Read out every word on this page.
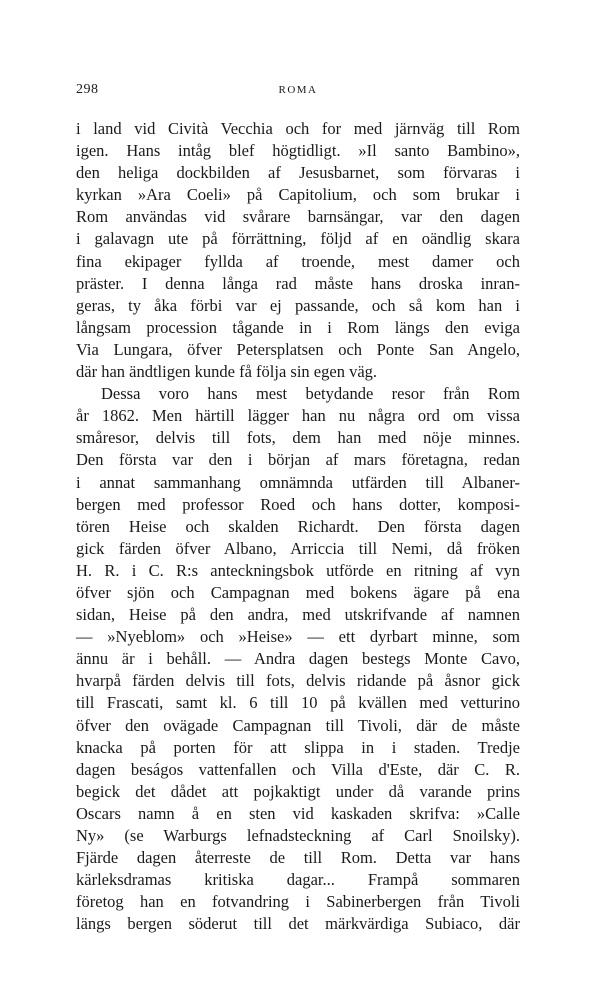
298	ROMA
i land vid Cività Vecchia och for med järnväg till Rom
igen. Hans intåg blef högtidligt. »Il santo Bambino»,
den heliga dockbilden af Jesusbarnet, som förvaras i
kyrkan »Ara Coeli» på Capitolium, och som brukar i
Rom användas vid svårare barnsängar, var den dagen
i galavagn ute på förrättning, följd af en oändlig skara
fina ekipager fyllda af troende, mest damer och
präster. I denna långa rad måste hans droska inran-
geras, ty åka förbi var ej passande, och så kom han i
långsam procession tågande in i Rom längs den eviga
Via Lungara, öfver Petersplatsen och Ponte San Angelo,
där han ändtligen kunde få följa sin egen väg.
Dessa voro hans mest betydande resor från Rom
år 1862. Men härtill lägger han nu några ord om vissa
småresor, delvis till fots, dem han med nöje minnes.
Den första var den i början af mars företagna, redan
i annat sammanhang omnämnda utfärden till Albaner-
bergen med professor Roed och hans dotter, komposi-
tören Heise och skalden Richardt. Den första dagen
gick färden öfver Albano, Arriccia till Nemi, då fröken
H. R. i C. R:s anteckningsbok utförde en ritning af vyn
öfver sjön och Campagnan med bokens ägare på ena
sidan, Heise på den andra, med utskrifvande af namnen
— »Nyeblom» och »Heise» — ett dyrbart minne, som
ännu är i behåll. — Andra dagen bestegs Monte Cavo,
hvarpå färden delvis till fots, delvis ridande på åsnor gick
till Frascati, samt kl. 6 till 10 på kvällen med vetturino
öfver den ovägade Campagnan till Tivoli, där de måste
knacka på porten för att slippa in i staden. Tredje
dagen beságos vattenfallen och Villa d'Este, där C. R.
begick det dådet att pojkaktigt under då varande prins
Oscars namn å en sten vid kaskaden skrifva: »Calle
Ny» (se Warburgs lefnadsteckning af Carl Snoilsky).
Fjärde dagen återreste de till Rom. Detta var hans
kärleksdramas kritiska dagar... Frampå sommaren
företog han en fotvandring i Sabinerbergen från Tivoli
längs bergen söderut till det märkvärdiga Subiaco, där
